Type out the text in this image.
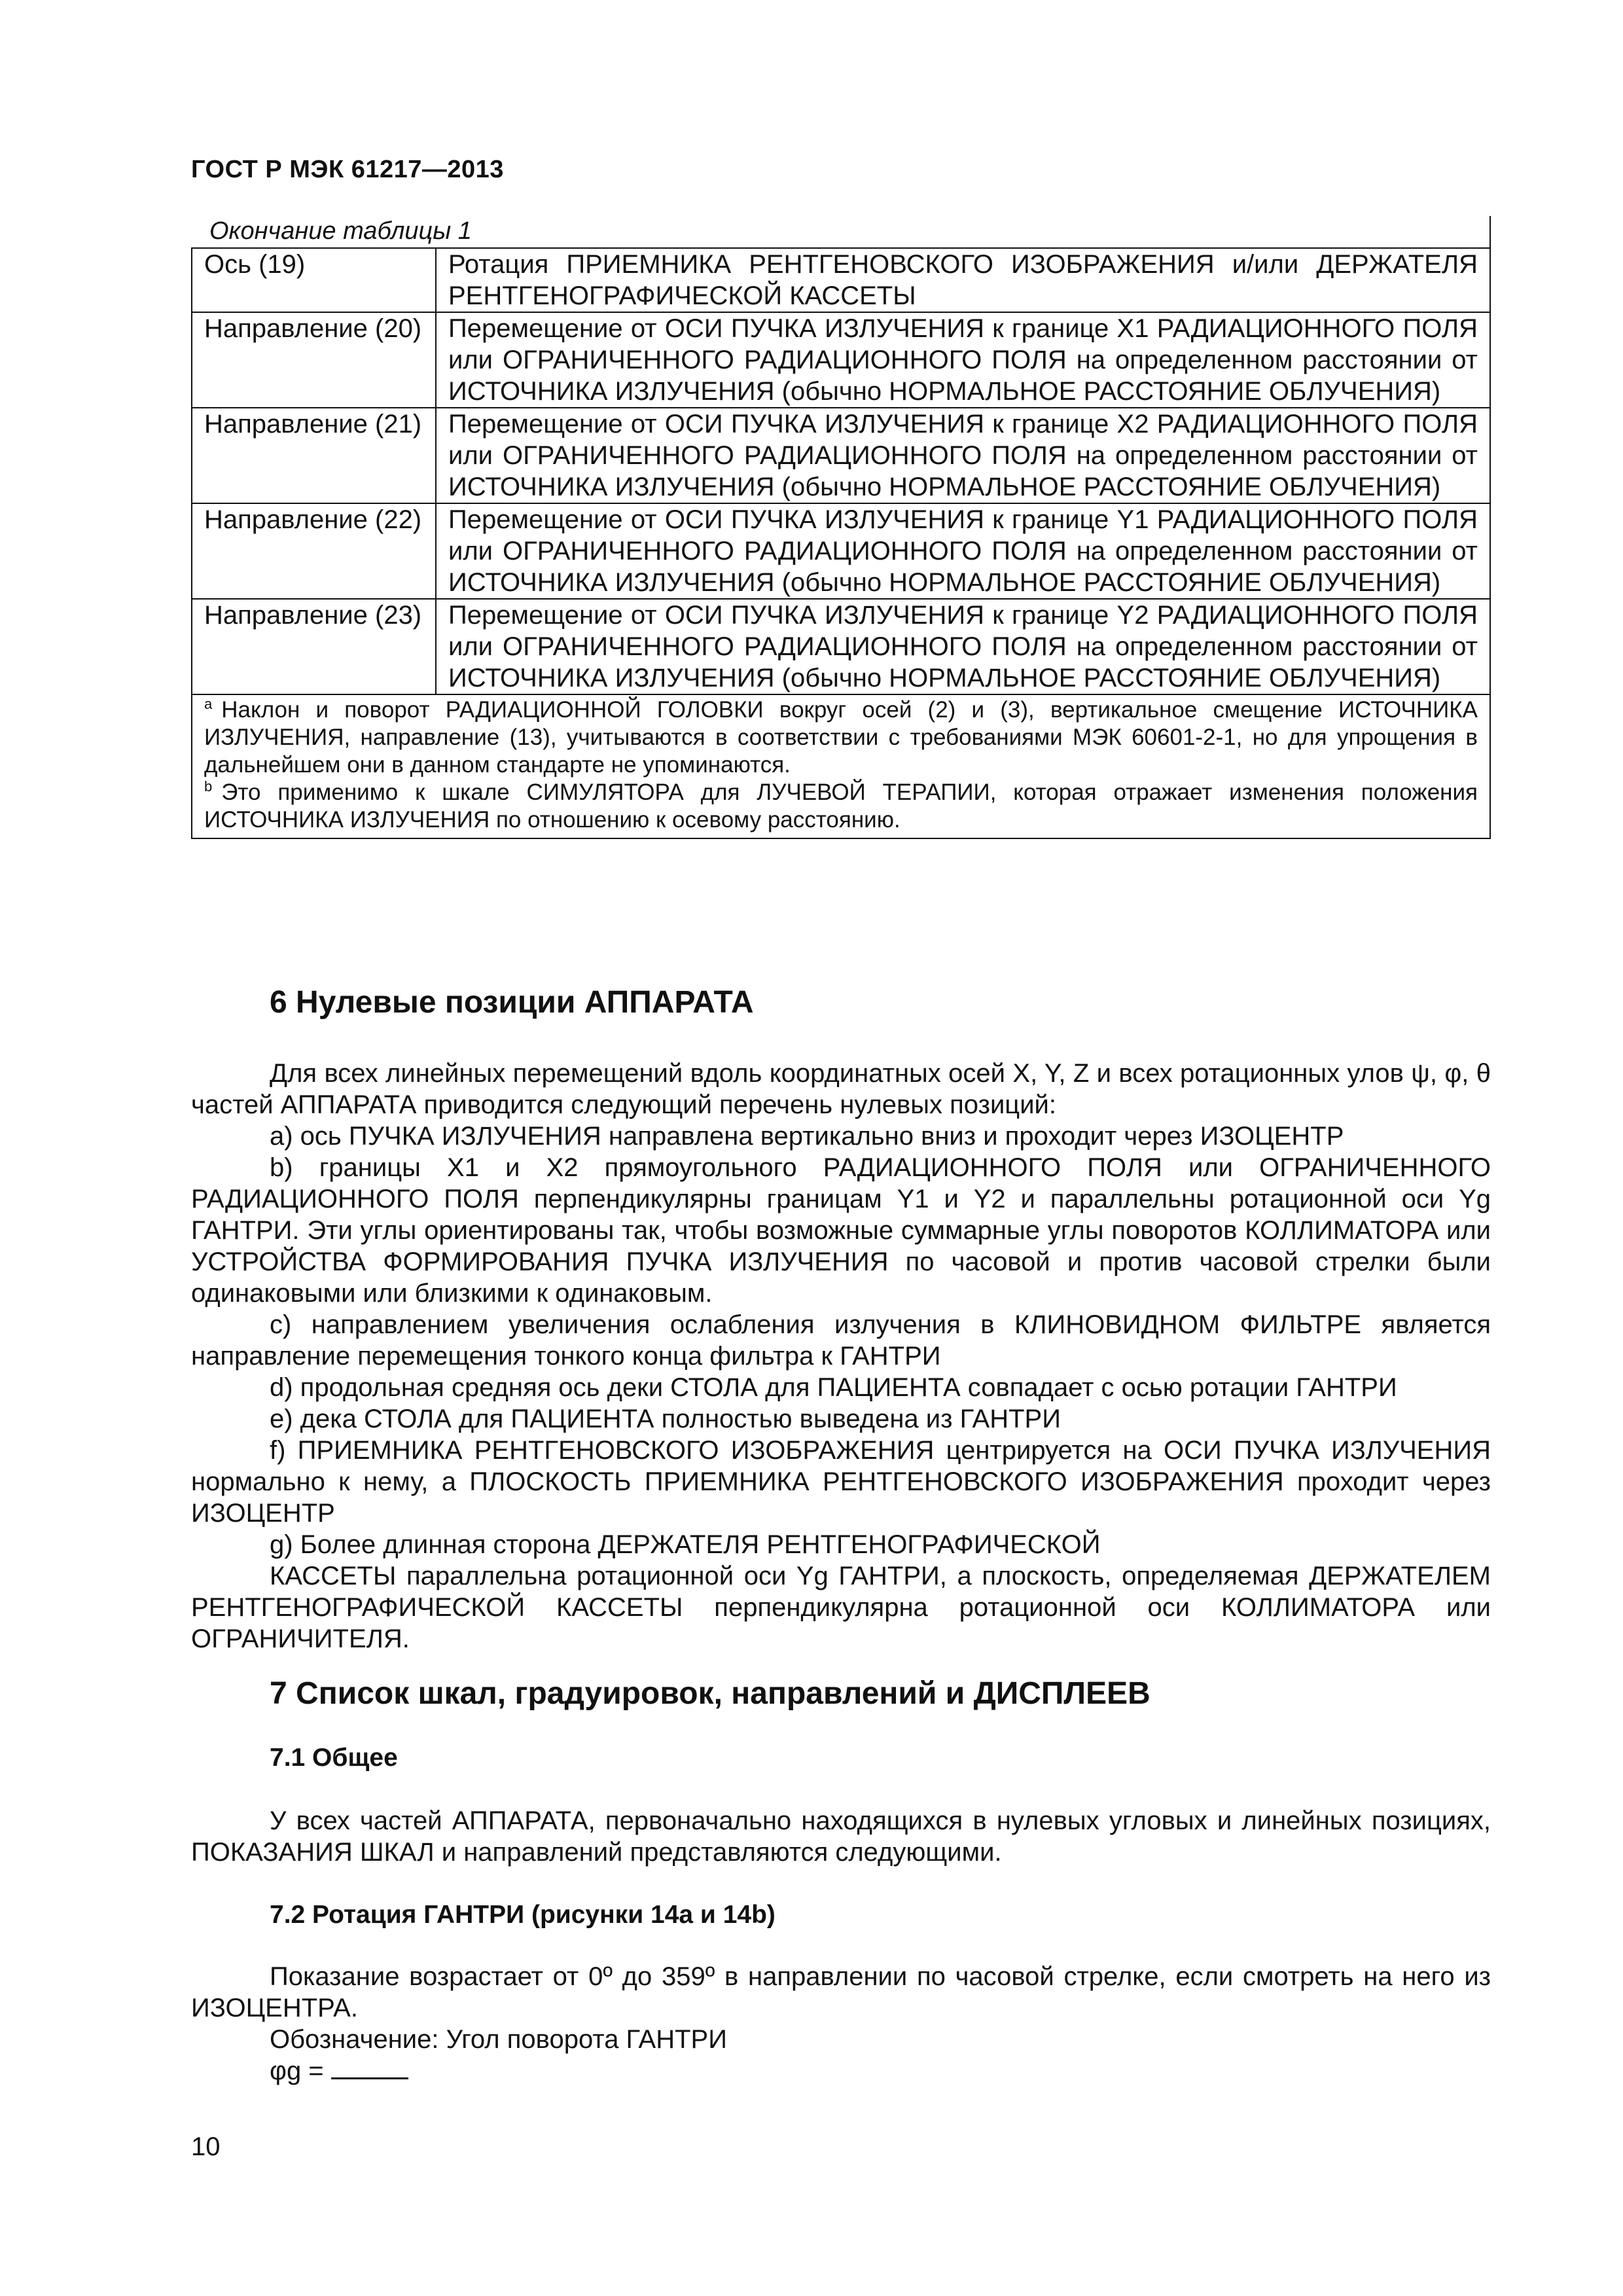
ГОСТ Р МЭК 61217—2013
Окончание таблицы 1
Ось (19)	Ротация ПРИЕМНИКА РЕНТГЕНОВСКОГО ИЗОБРАЖЕНИЯ и/или ДЕРЖАТЕЛЯ РЕНТГЕНОГРАФИЧЕСКОЙ КАССЕТЫ
Направление (20)	Перемещение от ОСИ ПУЧКА ИЗЛУЧЕНИЯ к границе X1 РАДИАЦИОННОГО ПОЛЯ или ОГРАНИЧЕННОГО РАДИАЦИОННОГО ПОЛЯ на определенном расстоянии от ИСТОЧНИКА ИЗЛУЧЕНИЯ (обычно НОРМАЛЬНОЕ РАССТОЯНИЕ ОБЛУЧЕНИЯ)
Направление (21)	Перемещение от ОСИ ПУЧКА ИЗЛУЧЕНИЯ к границе X2 РАДИАЦИОННОГО ПОЛЯ или ОГРАНИЧЕННОГО РАДИАЦИОННОГО ПОЛЯ на определенном расстоянии от ИСТОЧНИКА ИЗЛУЧЕНИЯ (обычно НОРМАЛЬНОЕ РАССТОЯНИЕ ОБЛУЧЕНИЯ)
Направление (22)	Перемещение от ОСИ ПУЧКА ИЗЛУЧЕНИЯ к границе Y1 РАДИАЦИОННОГО ПОЛЯ или ОГРАНИЧЕННОГО РАДИАЦИОННОГО ПОЛЯ на определенном расстоянии от ИСТОЧНИКА ИЗЛУЧЕНИЯ (обычно НОРМАЛЬНОЕ РАССТОЯНИЕ ОБЛУЧЕНИЯ)
Направление (23)	Перемещение от ОСИ ПУЧКА ИЗЛУЧЕНИЯ к границе Y2 РАДИАЦИОННОГО ПОЛЯ или ОГРАНИЧЕННОГО РАДИАЦИОННОГО ПОЛЯ на определенном расстоянии от ИСТОЧНИКА ИЗЛУЧЕНИЯ (обычно НОРМАЛЬНОЕ РАССТОЯНИЕ ОБЛУЧЕНИЯ)

$^a$ Наклон и поворот РАДИАЦИОННОЙ ГОЛОВКИ вокруг осей (2) и (3), вертикальное смещение ИСТОЧНИКА ИЗЛУЧЕНИЯ, направление (13), учитываются в соответствии с требованиями МЭК 60601-2-1, но для упрощения в дальнейшем они в данном стандарте не упоминаются.

$^b$ Это применимо к шкале СИМУЛЯТОРА для ЛУЧЕВОЙ ТЕРАПИИ, которая отражает изменения положения ИСТОЧНИКА ИЗЛУЧЕНИЯ по отношению к осевому расстоянию.	

6 Нулевые позиции АППАРАТА

Для всех линейных перемещений вдоль координатных осей X, Y, Z и всех ротационных улов ψ, φ, θ частей АППАРАТА приводится следующий перечень нулевых позиций:

a) ось ПУЧКА ИЗЛУЧЕНИЯ направлена вертикально вниз и проходит через ИЗОЦЕНТР

b) границы X1 и X2 прямоугольного РАДИАЦИОННОГО ПОЛЯ или ОГРАНИЧЕННОГО РАДИАЦИОННОГО ПОЛЯ перпендикулярны границам Y1 и Y2 и параллельны ротационной оси Yg ГАНТРИ. Эти углы ориентированы так, чтобы возможные суммарные углы поворотов КОЛЛИМАТОРА или УСТРОЙСТВА ФОРМИРОВАНИЯ ПУЧКА ИЗЛУЧЕНИЯ по часовой и против часовой стрелки были одинаковыми или близкими к одинаковым.

c) направлением увеличения ослабления излучения в КЛИНОВИДНОМ ФИЛЬТРЕ является направление перемещения тонкого конца фильтра к ГАНТРИ

d) продольная средняя ось деки СТОЛА для ПАЦИЕНТА совпадает с осью ротации ГАНТРИ

e) дека СТОЛА для ПАЦИЕНТА полностью выведена из ГАНТРИ

f) ПРИЕМНИКА РЕНТГЕНОВСКОГО ИЗОБРАЖЕНИЯ центрируется на ОСИ ПУЧКА ИЗЛУЧЕНИЯ нормально к нему, а ПЛОСКОСТЬ ПРИЕМНИКА РЕНТГЕНОВСКОГО ИЗОБРАЖЕНИЯ проходит через ИЗОЦЕНТР

g) Более длинная сторона ДЕРЖАТЕЛЯ РЕНТГЕНОГРАФИЧЕСКОЙ

КАССЕТЫ параллельна ротационной оси Yg ГАНТРИ, а плоскость, определяемая ДЕРЖАТЕЛЕМ РЕНТГЕНОГРАФИЧЕСКОЙ КАССЕТЫ перпендикулярна ротационной оси КОЛЛИМАТОРА или ОГРАНИЧИТЕЛЯ.

7 Список шкал, градуировок, направлений и ДИСПЛЕЕВ
7.1 Общее

У всех частей АППАРАТА, первоначально находящихся в нулевых угловых и линейных позициях, ПОКАЗАНИЯ ШКАЛ и направлений представляются следующими.

7.2 Ротация ГАНТРИ (рисунки 14a и 14b)

Показание возрастает от 0º до 359º в направлении по часовой стрелке, если смотреть на него из ИЗОЦЕНТРА.

Обозначение: Угол поворота ГАНТРИ

φg =

10
